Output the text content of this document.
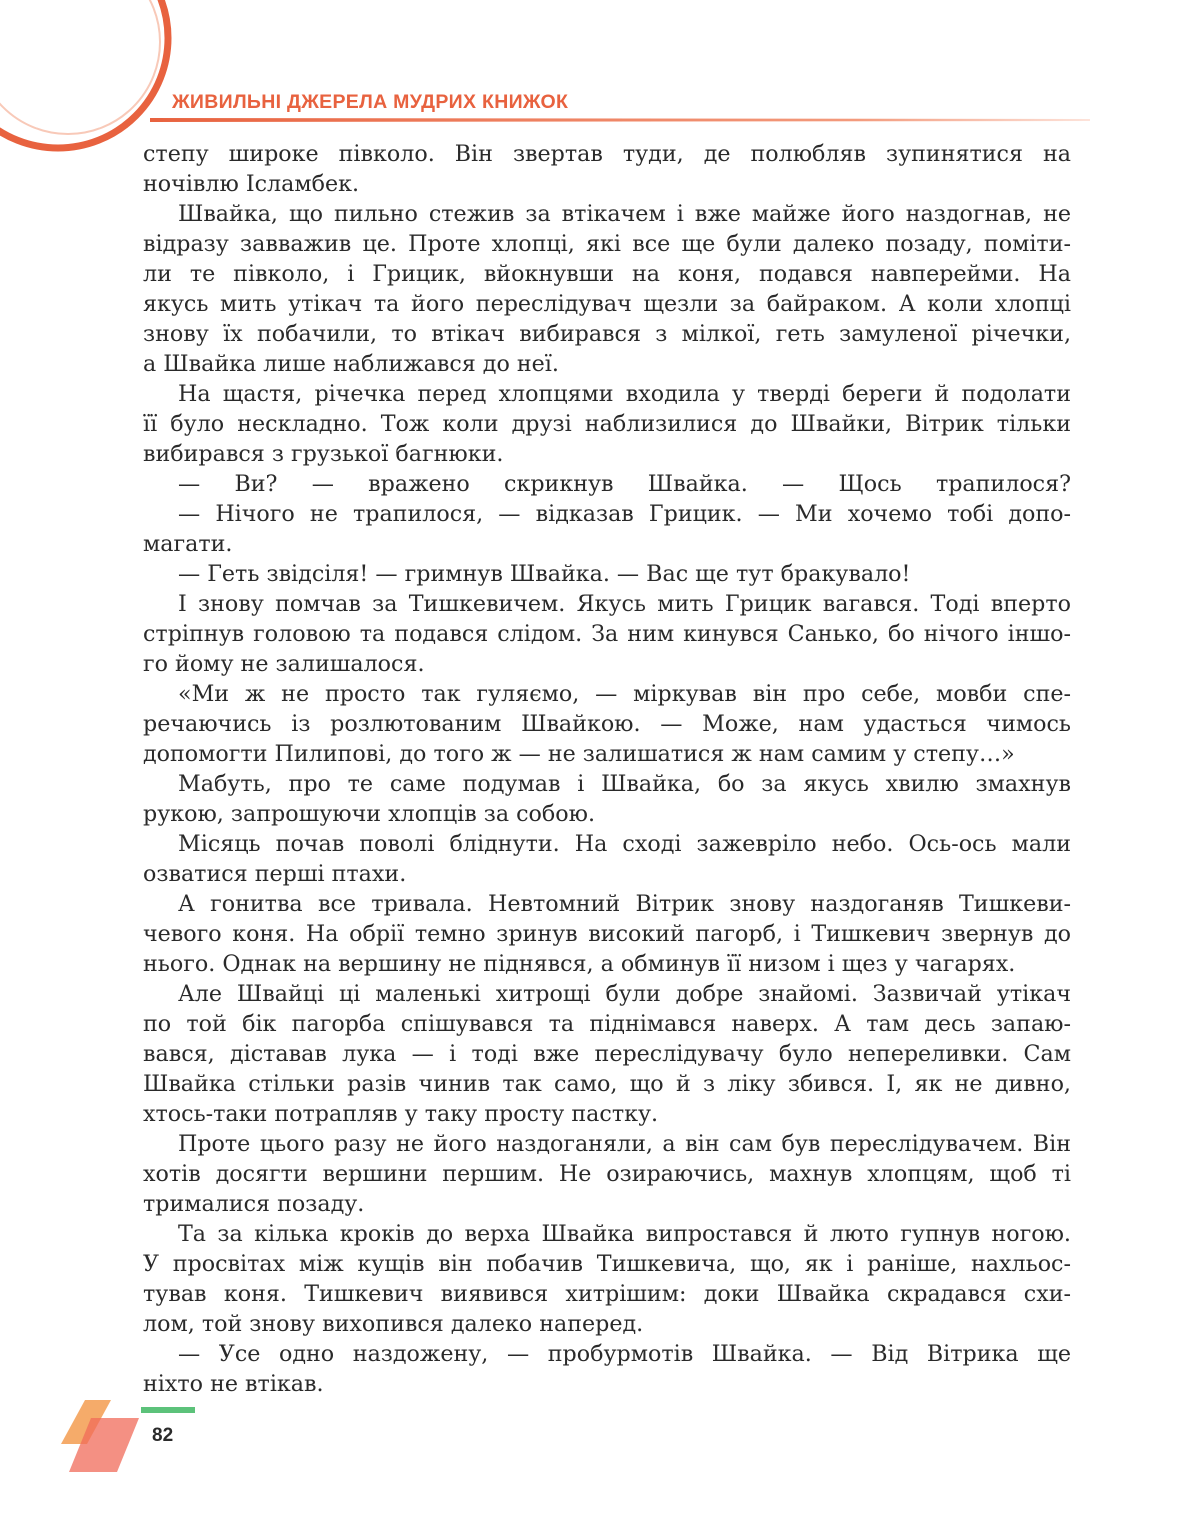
ЖИВИЛЬНІ ДЖЕРЕЛА МУДРИХ КНИЖОК
степу широке півколо. Він звертав туди, де полюбляв зупинятися на
ночівлю Ісламбек.
Швайка, що пильно стежив за втікачем і вже майже його наздогнав, не
відразу завважив це. Проте хлопці, які все ще були далеко позаду, поміти-
ли те півколо, і Грицик, вйокнувши на коня, подався навперейми. На
якусь мить утікач та його переслідувач щезли за байраком. А коли хлопці
знову їх побачили, то втікач вибирався з мілкої, геть замуленої річечки,
а Швайка лише наближався до неї.
На щастя, річечка перед хлопцями входила у тверді береги й подолати
її було нескладно. Тож коли друзі наблизилися до Швайки, Вітрик тільки
вибирався з грузької багнюки.
— Ви? — вражено скрикнув Швайка. — Щось трапилося?
— Нічого не трапилося, — відказав Грицик. — Ми хочемо тобі допо-
магати.
— Геть звідсіля! — гримнув Швайка. — Вас ще тут бракувало!
І знову помчав за Тишкевичем. Якусь мить Грицик вагався. Тоді вперто
стріпнув головою та подався слідом. За ним кинувся Санько, бо нічого іншо-
го йому не залишалося.
«Ми ж не просто так гуляємо, — міркував він про себе, мовби спе-
речаючись із розлютованим Швайкою. — Може, нам удасться чимось
допомогти Пилипові, до того ж — не залишатися ж нам самим у степу…»
Мабуть, про те саме подумав і Швайка, бо за якусь хвилю змахнув
рукою, запрошуючи хлопців за собою.
Місяць почав поволі бліднути. На сході зажевріло небо. Ось-ось мали
озватися перші птахи.
А гонитва все тривала. Невтомний Вітрик знову наздоганяв Тишкеви-
чевого коня. На обрії темно зринув високий пагорб, і Тишкевич звернув до
нього. Однак на вершину не піднявся, а обминув її низом і щез у чагарях.
Але Швайці ці маленькі хитрощі були добре знайомі. Зазвичай утікач
по той бік пагорба спішувався та піднімався наверх. А там десь запаю-
вався, діставав лука — і тоді вже переслідувачу було непереливки. Сам
Швайка стільки разів чинив так само, що й з ліку збився. І, як не дивно,
хтось-таки потрапляв у таку просту пастку.
Проте цього разу не його наздоганяли, а він сам був переслідувачем. Він
хотів досягти вершини першим. Не озираючись, махнув хлопцям, щоб ті
трималися позаду.
Та за кілька кроків до верха Швайка випростався й люто гупнув ногою.
У просвітах між кущів він побачив Тишкевича, що, як і раніше, нахльос-
тував коня. Тишкевич виявився хитрішим: доки Швайка скрадався схи-
лом, той знову вихопився далеко наперед.
— Усе одно наздожену, — пробурмотів Швайка. — Від Вітрика ще
ніхто не втікав.
82
